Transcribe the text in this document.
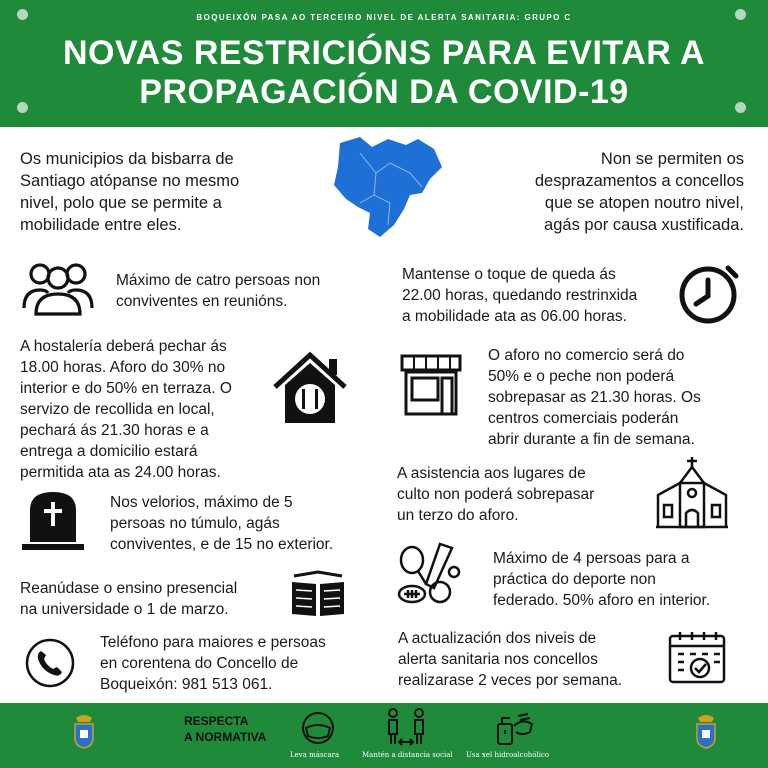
BOQUEIXÓN PASA AO TERCEIRO NIVEL DE ALERTA SANITARIA: GRUPO C
NOVAS RESTRICIÓNS PARA EVITAR A
PROPAGACIÓN DA COVID-19
Os municipios da bisbarra de
Santiago atópanse no mesmo
nivel, polo que se permite a
mobilidade entre eles.
Non se permiten os
desprazamentos a concellos
que se atopen noutro nivel,
agás por causa xustificada.
Máximo de catro persoas non
conviventes en reunións.
A hostalería deberá pechar ás
18.00 horas. Aforo do 30% no
interior e do 50% en terraza. O
servizo de recollida en local,
pechará ás 21.30 horas e a
entrega a domicilio estará
permitida ata as 24.00 horas.
Nos velorios, máximo de 5
persoas no túmulo, agás
conviventes, e de 15 no exterior.
Reanúdase o ensino presencial
na universidade o 1 de marzo.
Teléfono para maiores e persoas
en corentena do Concello de
Boqueixón: 981 513 061.
Mantense o toque de queda ás
22.00 horas, quedando restrinxida
a mobilidade ata as 06.00 horas.
O aforo no comercio será do
50% e o peche non poderá
sobrepasar as 21.30 horas. Os
centros comerciais poderán
abrir durante a fin de semana.
A asistencia aos lugares de
culto non poderá sobrepasar
un terzo do aforo.
Máximo de 4 persoas para a
práctica do deporte non
federado. 50% aforo en interior.
A actualización dos niveis de
alerta sanitaria nos concellos
realizarase 2 veces por semana.
RESPECTA
A NORMATIVA
Leva máscara	Mantén a distancia social Usa xel hidroalcohólico
